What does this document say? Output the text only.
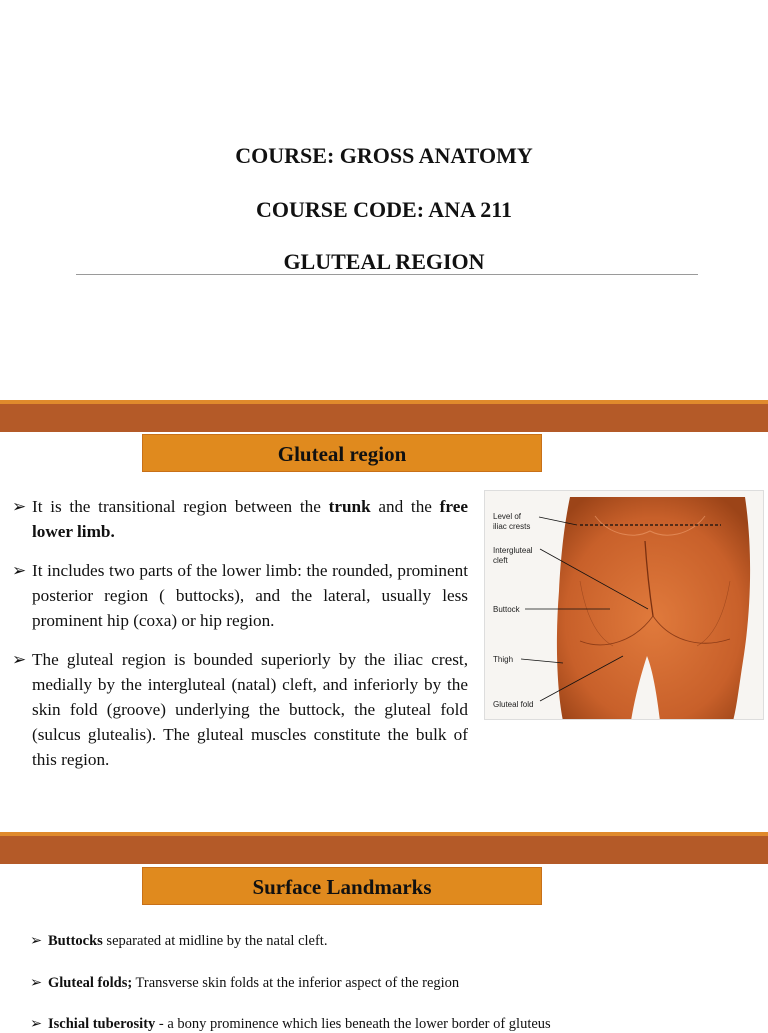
COURSE: GROSS ANATOMY
COURSE CODE: ANA 211
GLUTEAL REGION
Gluteal region
➢ It is the transitional region between the trunk and the free lower limb.
➢ It includes two parts of the lower limb: the rounded, prominent posterior region ( buttocks), and the lateral, usually less prominent hip (coxa) or hip region.
➢ The gluteal region is bounded superiorly by the iliac crest, medially by the intergluteal (natal) cleft, and inferiorly by the skin fold (groove) underlying the buttock, the gluteal fold (sulcus glutealis). The gluteal muscles constitute the bulk of this region.
Level of iliac crests
Intergluteal cleft
Buttock
Thigh
Gluteal fold
Surface Landmarks
➢ Buttocks separated at midline by the natal cleft.
➢ Gluteal folds; Transverse skin folds at the inferior aspect of the region
➢ Ischial tuberosity - a bony prominence which lies beneath the lower border of gluteus
